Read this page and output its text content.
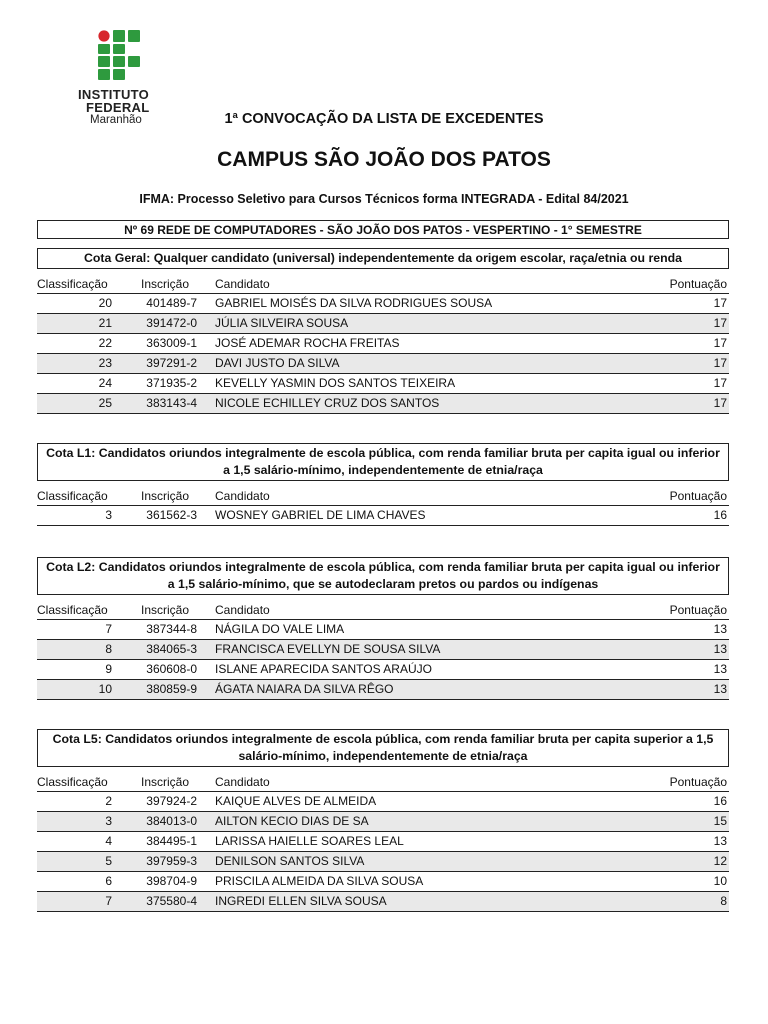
INSTITUTO
FEDERAL
Maranhão	1ª CONVOCAÇÃO DA LISTA DE EXCEDENTES
CAMPUS SÃO JOÃO DOS PATOS
IFMA: Processo Seletivo para Cursos Técnicos forma INTEGRADA - Edital 84/2021
Nº 69 REDE DE COMPUTADORES - SÃO JOÃO DOS PATOS - VESPERTINO - 1° SEMESTRE
Cota Geral: Qualquer candidato (universal) independentemente da origem escolar, raça/etnia ou renda
Classificação	Inscrição	Candidato	Pontuação
20	401489-7 GABRIEL MOISÉS DA SILVA RODRIGUES SOUSA	17
21	391472-0 JÚLIA SILVEIRA SOUSA	17
22	363009-1 JOSÉ ADEMAR ROCHA FREITAS	17
23	397291-2 DAVI JUSTO DA SILVA	17
24	371935-2 KEVELLY YASMIN DOS SANTOS TEIXEIRA	17
25	383143-4 NICOLE ECHILLEY CRUZ DOS SANTOS	17
Cota L1: Candidatos oriundos integralmente de escola pública, com renda familiar bruta per capita igual ou inferior a 1,5 salário-mínimo, independentemente de etnia/raça
Classificação	Inscrição	Candidato	Pontuação
3	361562-3 WOSNEY GABRIEL DE LIMA CHAVES	16
Cota L2: Candidatos oriundos integralmente de escola pública, com renda familiar bruta per capita igual ou inferior a 1,5 salário-mínimo, que se autodeclaram pretos ou pardos ou indígenas
Classificação	Inscrição	Candidato	Pontuação
7	387344-8 NÁGILA DO VALE LIMA	13
8	384065-3 FRANCISCA EVELLYN DE SOUSA SILVA	13
9	360608-0 ISLANE APARECIDA SANTOS ARAÚJO	13
10	380859-9 ÁGATA NAIARA DA SILVA RÊGO	13
Cota L5: Candidatos oriundos integralmente de escola pública, com renda familiar bruta per capita superior a 1,5 salário-mínimo, independentemente de etnia/raça
Classificação	Inscrição	Candidato	Pontuação
2	397924-2 KAIQUE ALVES DE ALMEIDA	16
3	384013-0 AILTON KECIO DIAS DE SA	15
4	384495-1 LARISSA HAIELLE SOARES LEAL	13
5	397959-3 DENILSON SANTOS SILVA	12
6	398704-9 PRISCILA ALMEIDA DA SILVA SOUSA	10
7	375580-4 INGREDI ELLEN SILVA SOUSA	8
